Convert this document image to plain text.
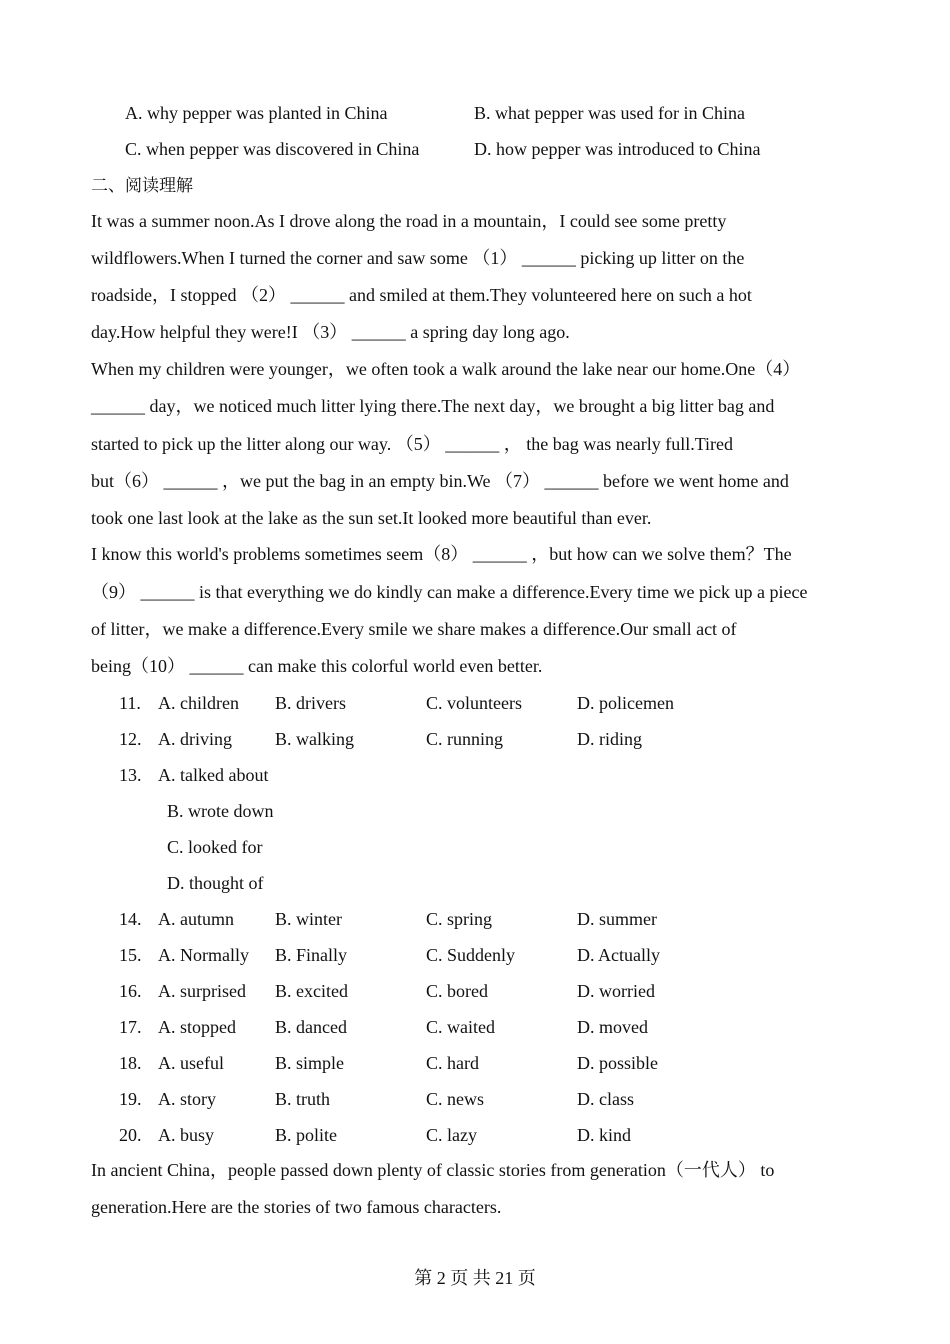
A. why pepper was planted in China	B. what pepper was used for in China
C. when pepper was discovered in China	D. how pepper was introduced to China
二、阅读理解
It was a summer noon.As I drove along the road in a mountain，I could see some pretty
wildflowers.When I turned the corner and saw some （1） ______ picking up litter on the
roadside，I stopped （2） ______ and smiled at them.They volunteered here on such a hot
day.How helpful they were!I （3） ______ a spring day long ago.
When my children were younger，we often took a walk around the lake near our home.One（4）
______ day，we noticed much litter lying there.The next day，we brought a big litter bag and
started to pick up the litter along our way. （5） ______ ， the bag was nearly full.Tired
but（6） ______ ，we put the bag in an empty bin.We （7） ______ before we went home and
took one last look at the lake as the sun set.It looked more beautiful than ever.
I know this world's problems sometimes seem（8） ______ ，but how can we solve them？The
（9） ______ is that everything we do kindly can make a difference.Every time we pick up a piece
of litter，we make a difference.Every smile we share makes a difference.Our small act of
being（10） ______ can make this colorful world even better.
11. A. children B. drivers	C. volunteers	D. policemen
12. A. driving B. walking	C. running	D. riding
13. A. talked about
B. wrote down
C. looked for
D. thought of
14. A. autumn B. winter	C. spring	D. summer
15. A. Normally B. Finally	C. Suddenly	D. Actually
16. A. surprised B. excited	C. bored	D. worried
17. A. stopped B. danced	C. waited	D. moved
18. A. useful	B. simple	C. hard	D. possible
19. A. story	B. truth	C. news	D. class
20. A. busy	B. polite	C. lazy	D. kind
In ancient China，people passed down plenty of classic stories from generation（一代人） to
generation.Here are the stories of two famous characters.
第 2 页 共 21 页
